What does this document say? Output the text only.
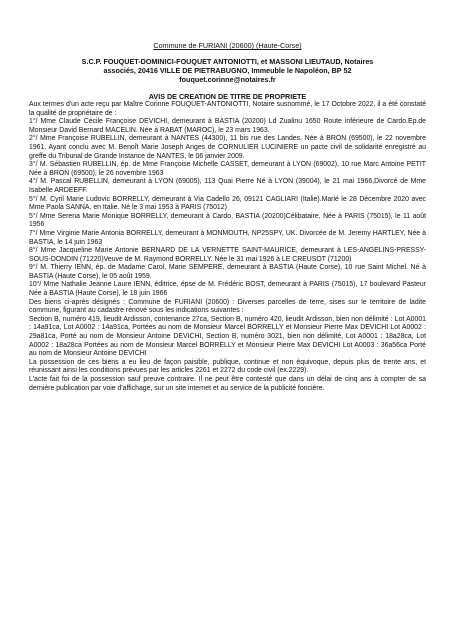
Commune de FURIANI (20600) (Haute-Corse)
S.C.P. FOUQUET-DOMINICI-FOUQUET ANTONIOTTI, et MASSONI LIEUTAUD, Notaires
associés, 20416 VILLE DE PIETRABUGNO, Immeuble le Napoléon, BP 52
fouquet.corinne@notaires.fr
AVIS DE CREATION DE TITRE DE PROPRIETE

Aux termes d'un acte reçu par Maître Corinne FOUQUET-ANTONIOTTI, Notaire susnommé, le 17 Octobre 2022, il a été constaté la qualité de propriétaire de :

1°/ Mme Claude Cécile Françoise DEVICHI, demeurant à BASTIA (20200) Ld Zualinu 1650 Route inférieure de Cardo.Ep.de Monsieur David Bernard MACELIN. Née à RABAT (MAROC), le 23 mars 1963.

2°/ Mme Françoise RUBELLIN, demeurant à NANTES (44300), 11 bis rue des Landes. Née à BRON (69500), le 22 novembre 1961. Ayant conclu avec M. Benoît Marie Joseph Anges de CORNULIER LUCINIERE un pacte civil de solidarité enregistré au greffe du Tribunal de Grande Instance de NANTES, le 06 janvier 2009.

3°/ M. Sébastien RUBELLIN, ép. de Mme Françoise Michelle CASSET, demeurant à LYON (69002), 10 rue Marc Antoine PETIT Née à BRON (69500), le 26 novembre 1963

4°/ M. Pascal RUBELLIN, demeurant à LYON (69005), 113 Quai Pierre Né à LYON (39004), le 21 mai 1966,Divorcé de Mme Isabelle ARDEEFF.

5°/ M. Cyril Marie Ludovic BORRELLY, demeurant à Via Cadello 26, 09121 CAGLIARI (Italie).Marié le 28 Décembre 2020 avec Mme Paola SANNA, en Italie. Né le 3 mai 1953 à PARIS (75012)

5°/ Mme Serena Marie Monique BORRELLY, demeurant à Cardo, BASTIA (20200)Célibataire, Née à PARIS (75015), le 11 août 1956

7°/ Mme Virginie Marie Antonia BORRELLY, demeurant à MONMOUTH, NP25SPY, UK. Divorcée de M. Jeremy HARTLEY, Née à BASTIA, le 14 juin 1963

8°/ Mme Jacqueline Marie Antonie BERNARD DE LA VERNETTE SAINT-MAURICE, demeurant à LES-ANGELINS-PRESSY-SOUS-DONDIN (71220)Veuve de M. Raymond BORRELLY. Née le 31 mai 1926 à LE CREUSOT (71200)

9°/ M. Thierry IENN, ép. de Madame Carol, Marie SEMPERE, demeurant à BASTIA (Haute Corse), 10 rue Saint Michel. Né à BASTIA (Haute Corse), le 05 août 1959.

10°/ Mme Nathalie Jeanne Laure IENN, éditrice, épse de M. Frédéric BOST, demeurant à PARIS (75015), 17 boulevard Pasteur Née à BASTIA (Haute Corse), le 18 juin 1966

Des biens ci-après désignés : Commune de FURIANI (20600) : Diverses parcelles de terre, sises sur le territoire de ladite commune, figurant au cadastre rénové sous les indications suivantes :

Section B, numéro 419, lieudit Ardisson, contenance 27ca, Section B, numéro 420, lieudit Ardisson, bien non délimité : Lot A0001 : 14a91ca, Lot A0002 : 14a91ca, Portées au nom de Monsieur Marcel BORRELLY et Monsieur Pierre Max DEVICHI Lot A0002 : 29a81ca, Porté au nom de Monsieur Antoine DEVICHI, Section B, numéro 3021, bien non délimité, Lot A0001 : 18a28ca, Lot A0002 : 18a28ca Portées au nom de Monsieur Marcel BORRELLY et Monsieur Pierre Max DEVICHI Lot A0003 : 36a56ca Porté au nom de Monsieur Antoine DEVICHI

La possession de ces biens a eu lieu de façon paisible, publique, continue et non équivoque, depuis plus de trente ans, et réunissant ainsi les conditions prévues par les articles 2261 et 2272 du code civil (ex.2229).

L'acte fait foi de la possession sauf preuve contraire. Il ne peut être contesté que dans un délai de cinq ans à compter de sa dernière publication par voie d'affichage, sur un site internet et au service de la publicité foncière.
